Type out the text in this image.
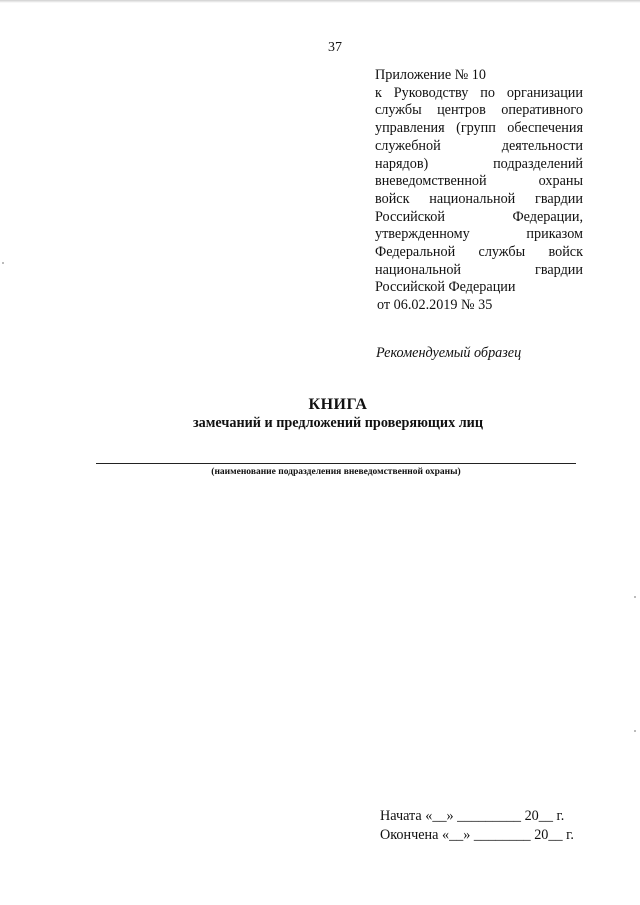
37
Приложение № 10
к Руководству по организации
службы центров оперативного
управления (групп обеспечения
служебной	деятельности
нарядов)	подразделений
вневедомственной	охраны
войск национальной гвардии
Российской	Федерации,
утвержденному	приказом
Федеральной службы войск
национальной	гвардии
Российской Федерации
от 06.02.2019 № 35
Рекомендуемый образец
КНИГА
замечаний и предложений проверяющих лиц
(наименование подразделения вневедомственной охраны)
Начата «__» _________ 20__ г.
Окончена «__» ________ 20__ г.
